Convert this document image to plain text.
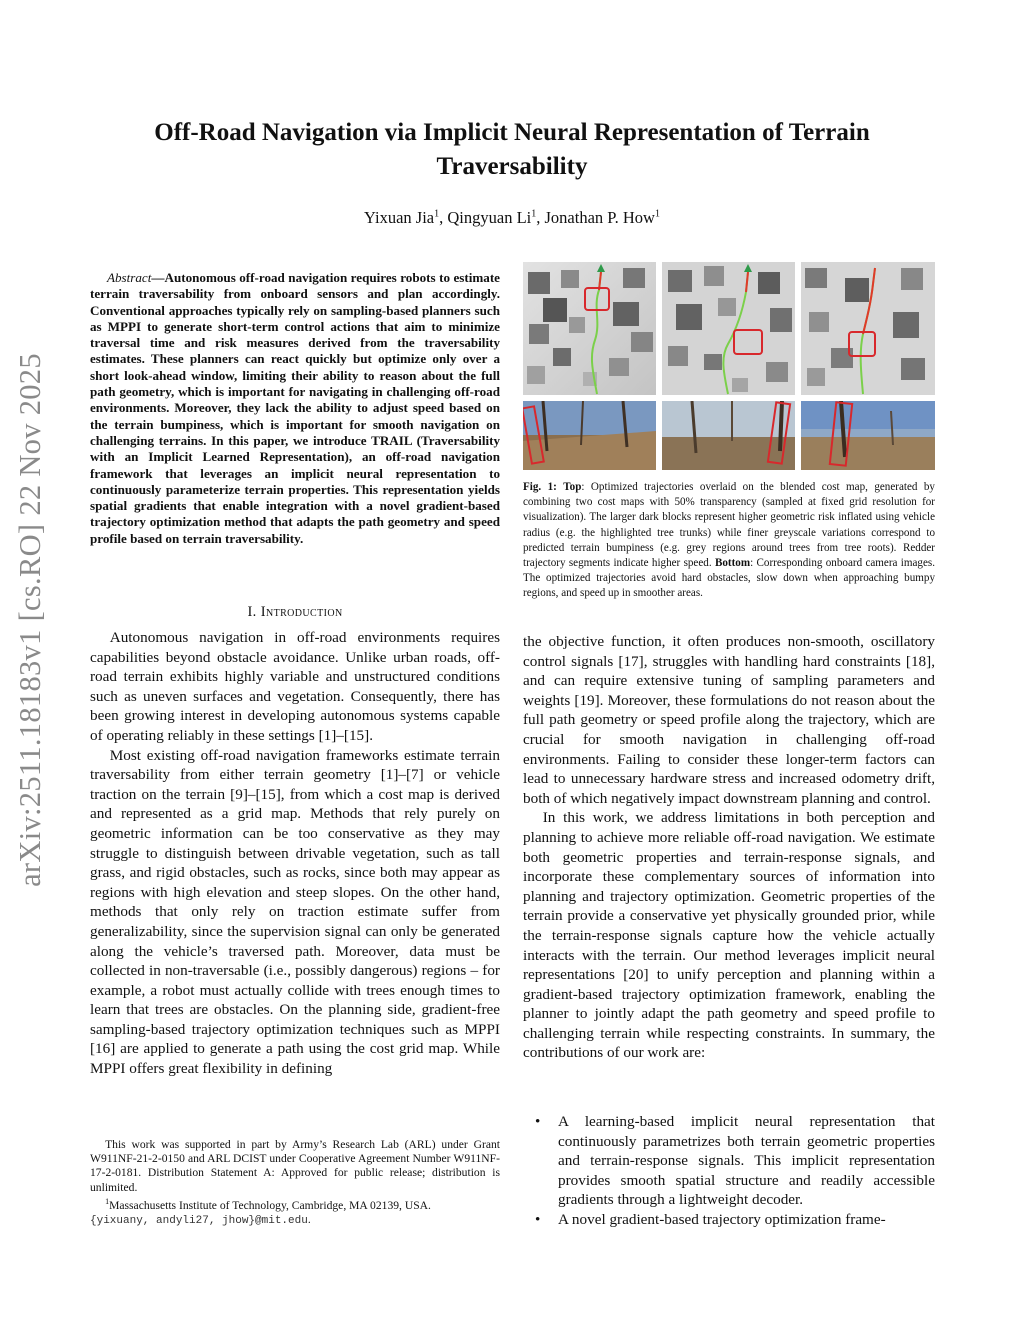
arXiv:2511.18183v1 [cs.RO] 22 Nov 2025
Off-Road Navigation via Implicit Neural Representation of Terrain Traversability
Yixuan Jia$^1$, Qingyuan Li$^1$, Jonathan P. How$^1$
Abstract—Autonomous off-road navigation requires robots to estimate terrain traversability from onboard sensors and plan accordingly. Conventional approaches typically rely on sampling-based planners such as MPPI to generate short-term control actions that aim to minimize traversal time and risk measures derived from the traversability estimates. These planners can react quickly but optimize only over a short look-ahead window, limiting their ability to reason about the full path geometry, which is important for navigating in challenging off-road environments. Moreover, they lack the ability to adjust speed based on the terrain bumpiness, which is important for smooth navigation on challenging terrains. In this paper, we introduce TRAIL (Traversability with an Implicit Learned Representation), an off-road navigation framework that leverages an implicit neural representation to continuously parameterize terrain properties. This representation yields spatial gradients that enable integration with a novel gradient-based trajectory optimization method that adapts the path geometry and speed profile based on terrain traversability.
I. Introduction

Autonomous navigation in off-road environments requires capabilities beyond obstacle avoidance. Unlike urban roads, off-road terrain exhibits highly variable and unstructured conditions such as uneven surfaces and vegetation. Consequently, there has been growing interest in developing autonomous systems capable of operating reliably in these settings [1]–[15].

Most existing off-road navigation frameworks estimate terrain traversability from either terrain geometry [1]–[7] or vehicle traction on the terrain [9]–[15], from which a cost map is derived and represented as a grid map. Methods that rely purely on geometric information can be too conservative as they may struggle to distinguish between drivable vegetation, such as tall grass, and rigid obstacles, such as rocks, since both may appear as regions with high elevation and steep slopes. On the other hand, methods that only rely on traction estimate suffer from generalizability, since the supervision signal can only be generated along the vehicle’s traversed path. Moreover, data must be collected in non-traversable (i.e., possibly dangerous) regions – for example, a robot must actually collide with trees enough times to learn that trees are obstacles. On the planning side, gradient-free sampling-based trajectory optimization techniques such as MPPI [16] are applied to generate a path using the cost grid map. While MPPI offers great flexibility in defining

This work was supported in part by Army’s Research Lab (ARL) under Grant W911NF-21-2-0150 and ARL DCIST under Cooperative Agreement Number W911NF-17-2-0181. Distribution Statement A: Approved for public release; distribution is unlimited.

$^1$Massachusetts Institute of Technology, Cambridge, MA 02139, USA.

{yixuany, andyli27, jhow}@mit.edu.

Fig. 1: Top: Optimized trajectories overlaid on the blended cost map, generated by combining two cost maps with 50% transparency (sampled at fixed grid resolution for visualization). The larger dark blocks represent higher geometric risk inflated using vehicle radius (e.g. the highlighted tree trunks) while finer greyscale variations correspond to predicted terrain bumpiness (e.g. grey regions around trees from tree roots). Redder trajectory segments indicate higher speed. Bottom: Corresponding onboard camera images. The optimized trajectories avoid hard obstacles, slow down when approaching bumpy regions, and speed up in smoother areas.

the objective function, it often produces non-smooth, oscillatory control signals [17], struggles with handling hard constraints [18], and can require extensive tuning of sampling parameters and weights [19]. Moreover, these formulations do not reason about the full path geometry or speed profile along the trajectory, which are crucial for smooth navigation in challenging off-road environments. Failing to consider these longer-term factors can lead to unnecessary hardware stress and increased odometry drift, both of which negatively impact downstream planning and control.

In this work, we address limitations in both perception and planning to achieve more reliable off-road navigation. We estimate both geometric properties and terrain-response signals, and incorporate these complementary sources of information into planning and trajectory optimization. Geometric properties of the terrain provide a conservative yet physically grounded prior, while the terrain-response signals capture how the vehicle actually interacts with the terrain. Our method leverages implicit neural representations [20] to unify perception and planning within a gradient-based trajectory optimization framework, enabling the planner to jointly adapt the path geometry and speed profile to challenging terrain while respecting constraints. In summary, the contributions of our work are:

• A learning-based implicit neural representation that continuously parametrizes both terrain geometric properties and terrain-response signals. This implicit representation provides smooth spatial structure and readily accessible gradients through a lightweight decoder.
• A novel gradient-based trajectory optimization frame-
